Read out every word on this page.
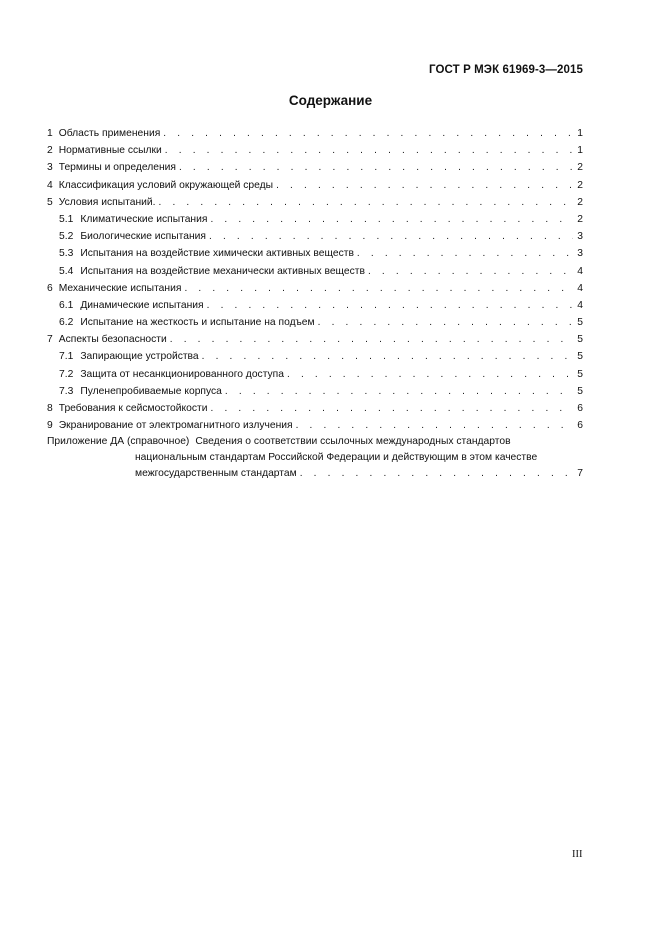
ГОСТ Р МЭК 61969-3—2015
Содержание
1 Область применения . . .	1
2 Нормативные ссылки . . .	1
3 Термины и определения . . .	2
4 Классификация условий окружающей среды . . .	2
5 Условия испытаний. . . .	2
5.1 Климатические испытания . . .	2
5.2 Биологические испытания . . .	3
5.3 Испытания на воздействие химически активных веществ . . .	3
5.4 Испытания на воздействие механически активных веществ . . .	4
6 Механические испытания . . .	4
6.1 Динамические испытания . . .	4
6.2 Испытание на жесткость и испытание на подъем . . .	5
7 Аспекты безопасности . . .	5
7.1 Запирающие устройства . . .	5
7.2 Защита от несанкционированного доступа . . .	5
7.3 Пуленепробиваемые корпуса . . .	5
8 Требования к сейсмостойкости . . .	6
9 Экранирование от электромагнитного излучения . . .	6
Приложение ДА (справочное) Сведения о соответствии ссылочных международных стандартов
национальным стандартам Российской Федерации и действующим в этом качестве
межгосударственным стандартам . . .	7
III
